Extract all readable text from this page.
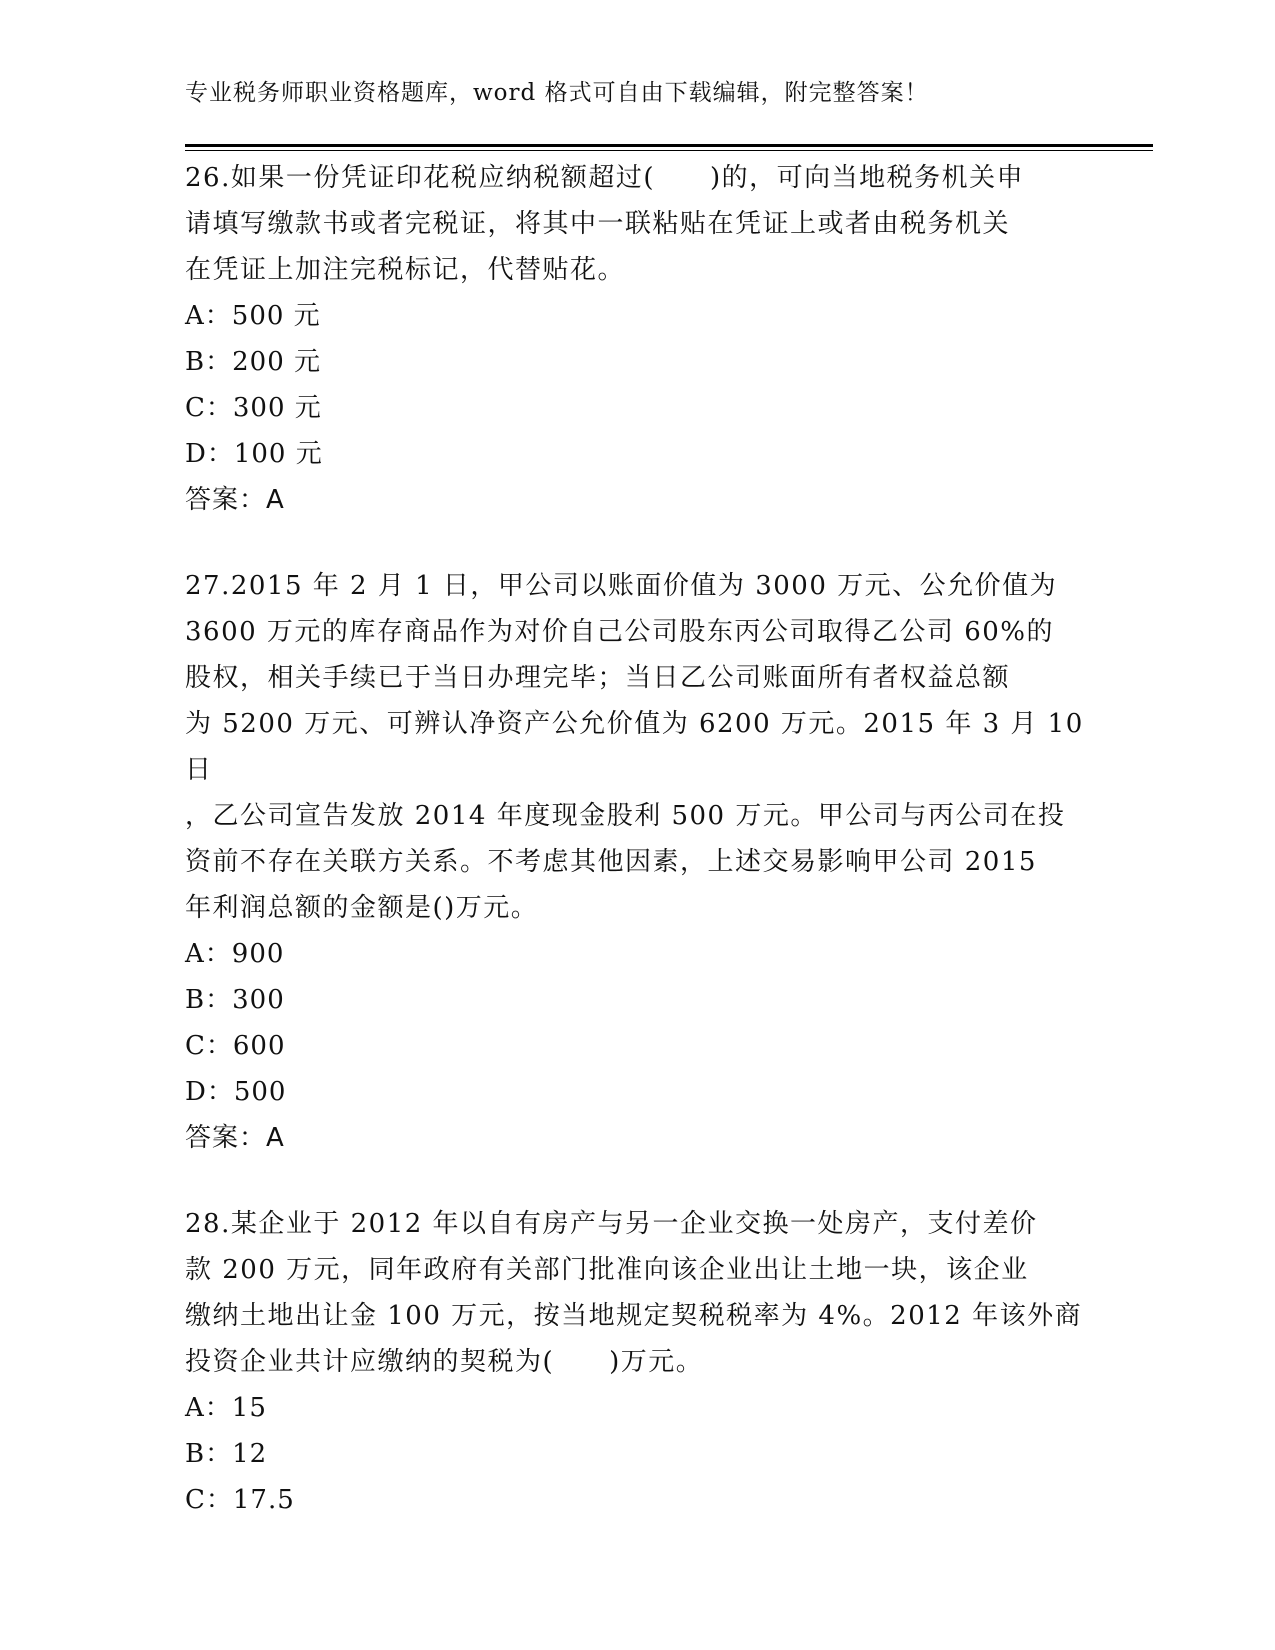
专业税务师职业资格题库，word 格式可自由下载编辑，附完整答案！

26.如果一份凭证印花税应纳税额超过(　　)的，可向当地税务机关申

请填写缴款书或者完税证，将其中一联粘贴在凭证上或者由税务机关

在凭证上加注完税标记，代替贴花。

A：500 元

B：200 元

C：300 元

D：100 元

答案：A

27.2015 年 2 月 1 日，甲公司以账面价值为 3000 万元、公允价值为

3600 万元的库存商品作为对价自己公司股东丙公司取得乙公司 60%的

股权，相关手续已于当日办理完毕；当日乙公司账面所有者权益总额

为 5200 万元、可辨认净资产公允价值为 6200 万元。2015 年 3 月 10 日

，乙公司宣告发放 2014 年度现金股利 500 万元。甲公司与丙公司在投

资前不存在关联方关系。不考虑其他因素，上述交易影响甲公司 2015

年利润总额的金额是()万元。

A：900

B：300

C：600

D：500

答案：A

28.某企业于 2012 年以自有房产与另一企业交换一处房产，支付差价

款 200 万元，同年政府有关部门批准向该企业出让土地一块，该企业

缴纳土地出让金 100 万元，按当地规定契税税率为 4%。2012 年该外商

投资企业共计应缴纳的契税为(　　)万元。

A：15

B：12

C：17.5
